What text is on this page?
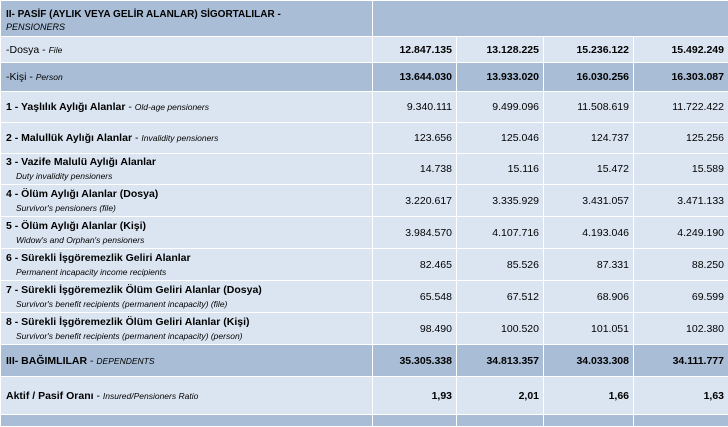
II- PASİF (AYLIK VEYA GELİR ALANLAR) SİGORTALILAR -
PENSIONERS				

-Dosya - File	12.847.135	13.128.225	15.236.122	15.492.249
-Kişi - Person	13.644.030	13.933.020	16.030.256	16.303.087
1 - Yaşlılık Aylığı Alanlar - Old-age pensioners	9.340.111	9.499.096	11.508.619	11.722.422
2 - Malullük Aylığı Alanlar - Invalidity pensioners	123.656	125.046	124.737	125.256
3 - Vazife Malulü Aylığı Alanlar
Duty invalidity pensioners	14.738	15.116	15.472	15.589
4 - Ölüm Aylığı Alanlar (Dosya)
Survivor's pensioners (file)	3.220.617	3.335.929	3.431.057	3.471.133
5 - Ölüm Aylığı Alanlar (Kişi)
Widow's and Orphan's pensioners	3.984.570	4.107.716	4.193.046	4.249.190
6 - Sürekli İşgöremezlik Geliri Alanlar
Permanent incapacity income recipients	82.465	85.526	87.331	88.250
7 - Sürekli İşgöremezlik Ölüm Geliri Alanlar (Dosya)
Survivor's benefit recipients (permanent incapacity) (file)	65.548	67.512	68.906	69.599
8 - Sürekli İşgöremezlik Ölüm Geliri Alanlar (Kişi)
Survivor's benefit recipients (permanent incapacity) (person)	98.490	100.520	101.051	102.380
III- BAĞIMLILAR - DEPENDENTS	35.305.338	34.813.357	34.033.308	34.111.777
Aktif / Pasif Oranı - Insured/Pensioners Ratio	1,93	2,01	1,66	1,63
